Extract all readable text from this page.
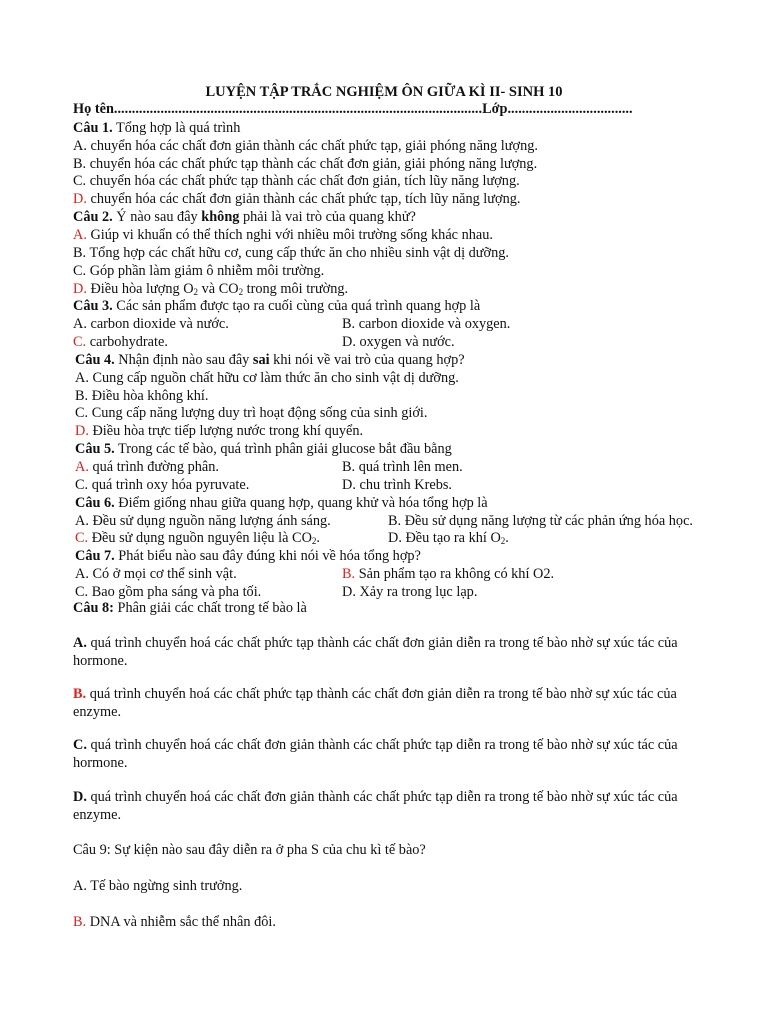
LUYỆN TẬP TRẮC NGHIỆM ÔN GIỮA KÌ II- SINH 10
Họ tên.......................................................................................................Lớp...................................
Câu 1. Tổng hợp là quá trình
A. chuyển hóa các chất đơn giản thành các chất phức tạp, giải phóng năng lượng.
B. chuyển hóa các chất phức tạp thành các chất đơn giản, giải phóng năng lượng.
C. chuyển hóa các chất phức tạp thành các chất đơn giản, tích lũy năng lượng.
D. chuyển hóa các chất đơn giản thành các chất phức tạp, tích lũy năng lượng.
Câu 2. Ý nào sau đây không phải là vai trò của quang khử?
A. Giúp vi khuẩn có thể thích nghi với nhiều môi trường sống khác nhau.
B. Tổng hợp các chất hữu cơ, cung cấp thức ăn cho nhiều sinh vật dị dưỡng.
C. Góp phần làm giảm ô nhiễm môi trường.
D. Điều hòa lượng $O_2$ và $CO_2$ trong môi trường.
Câu 3. Các sản phẩm được tạo ra cuối cùng của quá trình quang hợp là
A. carbon dioxide và nước.	B. carbon dioxide và oxygen.
C. carbohydrate.	D. oxygen và nước.
Câu 4. Nhận định nào sau đây sai khi nói về vai trò của quang hợp?
A. Cung cấp nguồn chất hữu cơ làm thức ăn cho sinh vật dị dưỡng.
B. Điều hòa không khí.
C. Cung cấp năng lượng duy trì hoạt động sống của sinh giới.
D. Điều hòa trực tiếp lượng nước trong khí quyển.
Câu 5. Trong các tế bào, quá trình phân giải glucose bắt đầu bằng
A. quá trình đường phân.	B. quá trình lên men.
C. quá trình oxy hóa pyruvate.	D. chu trình Krebs.
Câu 6. Điểm giống nhau giữa quang hợp, quang khử và hóa tổng hợp là
A. Đều sử dụng nguồn năng lượng ánh sáng.	B. Đều sử dụng năng lượng từ các phản ứng hóa học.
C. Đều sử dụng nguồn nguyên liệu là $CO_2$.	D. Đều tạo ra khí $O_2$.
Câu 7. Phát biểu nào sau đây đúng khi nói về hóa tổng hợp?
A. Có ở mọi cơ thể sinh vật.	B. Sản phẩm tạo ra không có khí O2.
C. Bao gồm pha sáng và pha tối.	D. Xảy ra trong lục lạp.
Câu 8: Phân giải các chất trong tế bào là
A. quá trình chuyển hoá các chất phức tạp thành các chất đơn giản diễn ra trong tế bào nhờ sự xúc tác của
hormone.
B. quá trình chuyển hoá các chất phức tạp thành các chất đơn giản diễn ra trong tế bào nhờ sự xúc tác của
enzyme.
C. quá trình chuyển hoá các chất đơn giản thành các chất phức tạp diễn ra trong tế bào nhờ sự xúc tác của
hormone.
D. quá trình chuyển hoá các chất đơn giản thành các chất phức tạp diễn ra trong tế bào nhờ sự xúc tác của
enzyme.
Câu 9: Sự kiện nào sau đây diễn ra ở pha S của chu kì tế bào?
A. Tế bào ngừng sinh trưởng.
B. DNA và nhiễm sắc thể nhân đôi.
